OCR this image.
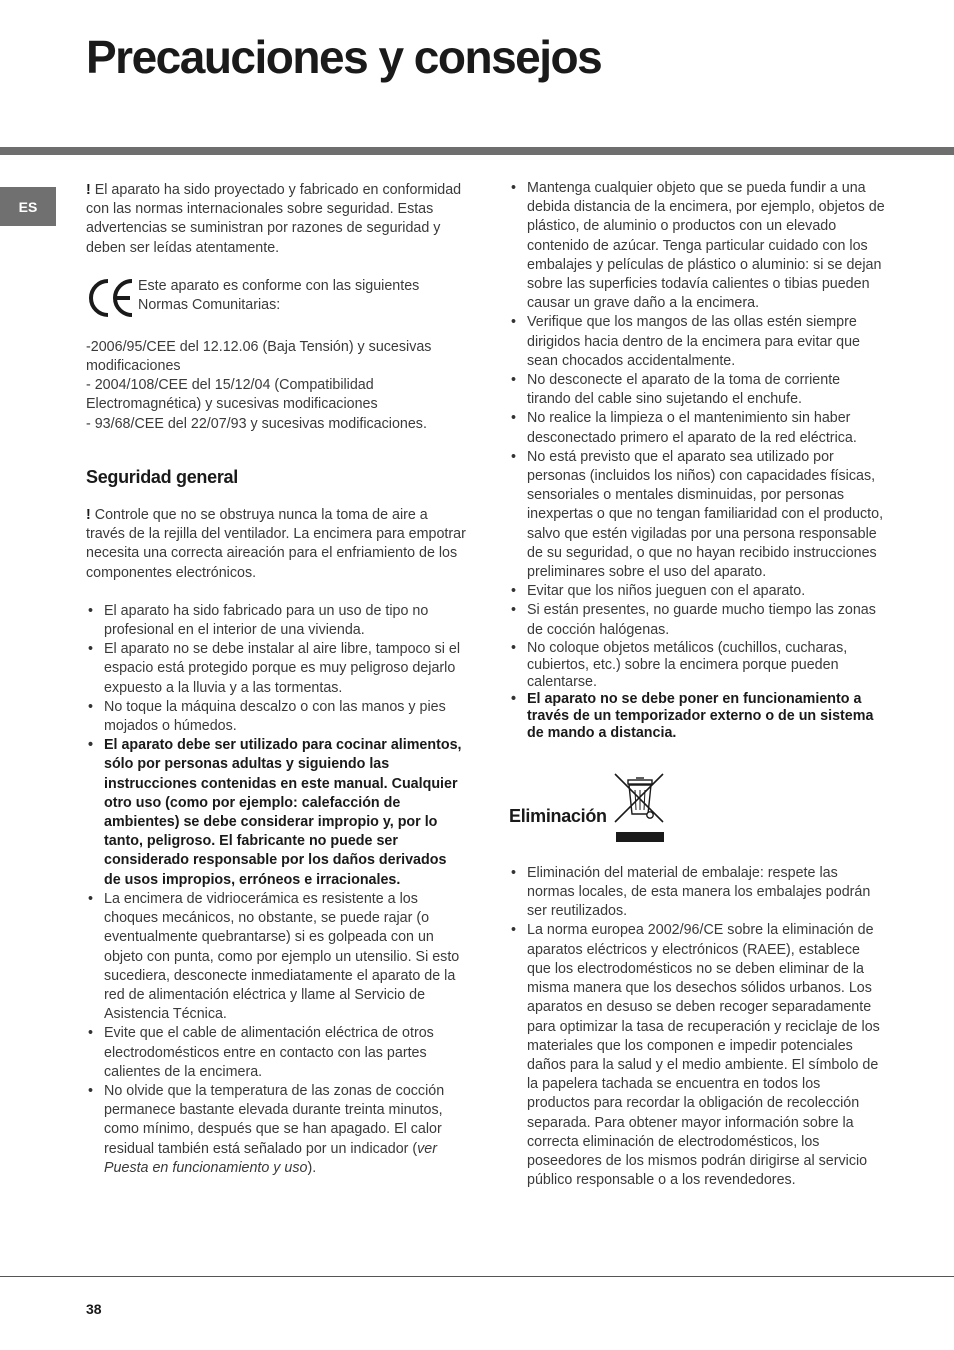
Precauciones y consejos
ES

! El aparato ha sido proyectado y fabricado en conformidad con las normas internacionales sobre seguridad. Estas advertencias se suministran por razones de seguridad y deben ser leídas atentamente.

Este aparato es conforme con las siguientes Normas Comunitarias:

-2006/95/CEE del 12.12.06 (Baja Tensión) y sucesivas modificaciones
- 2004/108/CEE del 15/12/04 (Compatibilidad Electromagnética) y sucesivas modificaciones
- 93/68/CEE del 22/07/93 y sucesivas modificaciones.
Seguridad general

! Controle que no se obstruya nunca la toma de aire a través de la rejilla del ventilador. La encimera para empotrar necesita una correcta aireación para el enfriamiento de los componentes electrónicos.

• El aparato ha sido fabricado para un uso de tipo no profesional en el interior de una vivienda.
• El aparato no se debe instalar al aire libre, tampoco si el espacio está protegido porque es muy peligroso dejarlo expuesto a la lluvia y a las tormentas.
• No toque la máquina descalzo o con las manos y pies mojados o húmedos.
• El aparato debe ser utilizado para cocinar alimentos, sólo por personas adultas y siguiendo las instrucciones contenidas en este manual. Cualquier otro uso (como por ejemplo: calefacción de ambientes) se debe considerar impropio y, por lo tanto, peligroso. El fabricante no puede ser considerado responsable por los daños derivados de usos impropios, erróneos e irracionales.
• La encimera de vidriocerámica es resistente a los choques mecánicos, no obstante, se puede rajar (o eventualmente quebrantarse) si es golpeada con un objeto con punta, como por ejemplo un utensilio. Si esto sucediera, desconecte inmediatamente el aparato de la red de alimentación eléctrica y llame al Servicio de Asistencia Técnica.
• Evite que el cable de alimentación eléctrica de otros electrodomésticos entre en contacto con las partes calientes de la encimera.
• No olvide que la temperatura de las zonas de cocción permanece bastante elevada durante treinta minutos, como mínimo, después que se han apagado. El calor residual también está señalado por un indicador (ver Puesta en funcionamiento y uso).
• Mantenga cualquier objeto que se pueda fundir a una debida distancia de la encimera, por ejemplo, objetos de plástico, de aluminio o productos con un elevado contenido de azúcar. Tenga particular cuidado con los embalajes y películas de plástico o aluminio: si se dejan sobre las superficies todavía calientes o tibias pueden causar un grave daño a la encimera.
• Verifique que los mangos de las ollas estén siempre dirigidos hacia dentro de la encimera para evitar que sean chocados accidentalmente.
• No desconecte el aparato de la toma de corriente tirando del cable sino sujetando el enchufe.
• No realice la limpieza o el mantenimiento sin haber desconectado primero el aparato de la red eléctrica.
• No está previsto que el aparato sea utilizado por personas (incluidos los niños) con capacidades físicas, sensoriales o mentales disminuidas, por personas inexpertas o que no tengan familiaridad con el producto, salvo que estén vigiladas por una persona responsable de su seguridad, o que no hayan recibido instrucciones preliminares sobre el uso del aparato.
• Evitar que los niños jueguen con el aparato.
• Si están presentes, no guarde mucho tiempo las zonas de cocción halógenas.
• No coloque objetos metálicos (cuchillos, cucharas, cubiertos, etc.) sobre la encimera porque pueden calentarse.
• El aparato no se debe poner en funcionamiento a través de un temporizador externo o de un sistema de mando a distancia.
Eliminación
• Eliminación del material de embalaje: respete las normas locales, de esta manera los embalajes podrán ser reutilizados.
• La norma europea 2002/96/CE sobre la eliminación de aparatos eléctricos y electrónicos (RAEE), establece que los electrodomésticos no se deben eliminar de la misma manera que los desechos sólidos urbanos. Los aparatos en desuso se deben recoger separadamente para optimizar la tasa de recuperación y reciclaje de los materiales que los componen e impedir potenciales daños para la salud y el medio ambiente. El símbolo de la papelera tachada se encuentra en todos los productos para recordar la obligación de recolección separada. Para obtener mayor información sobre la correcta eliminación de electrodomésticos, los poseedores de los mismos podrán dirigirse al servicio público responsable o a los revendedores.
38
